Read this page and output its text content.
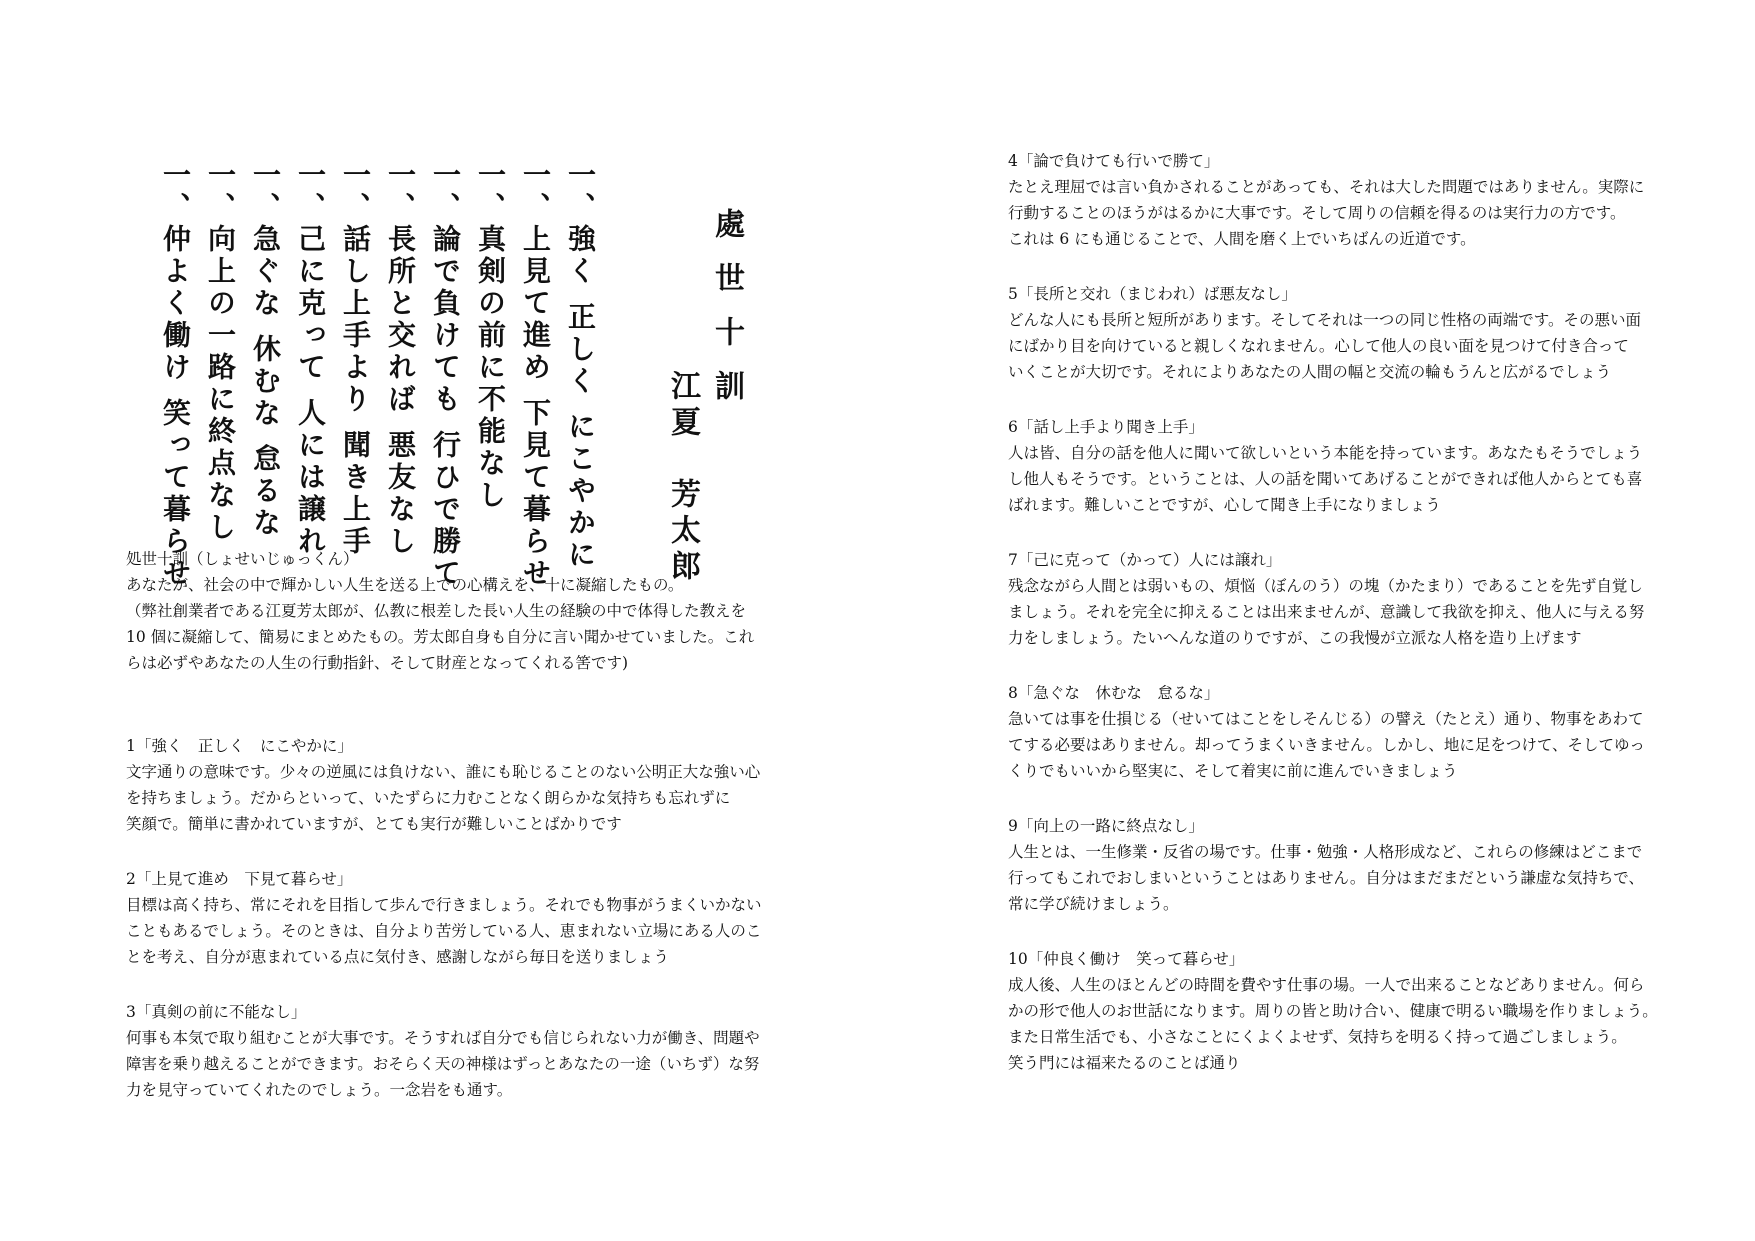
處世十訓
江夏　芳太郎
一、強く 正しく にこやかに
一、上見て進め 下見て暮らせ
一、真剣の前に不能なし
一、論で負けても 行ひで勝て
一、長所と交れば 悪友なし
一、話し上手より 聞き上手
一、己に克って 人には譲れ
一、急ぐな 休むな 怠るな
一、向上の一路に終点なし
一、仲よく働け 笑って暮らせ

処世十訓（しょせいじゅっくん）
あなたが、社会の中で輝かしい人生を送る上での心構えを、十に凝縮したもの。
（弊社創業者である江夏芳太郎が、仏教に根差した長い人生の経験の中で体得した教えを
10 個に凝縮して、簡易にまとめたもの。芳太郎自身も自分に言い聞かせていました。これ
らは必ずやあなたの人生の行動指針、そして財産となってくれる筈です)

1「強く　正しく　にこやかに」
文字通りの意味です。少々の逆風には負けない、誰にも恥じることのない公明正大な強い心
を持ちましょう。だからといって、いたずらに力むことなく朗らかな気持ちも忘れずに
笑顔で。簡単に書かれていますが、とても実行が難しいことばかりです

2「上見て進め　下見て暮らせ」
目標は高く持ち、常にそれを目指して歩んで行きましょう。それでも物事がうまくいかない
こともあるでしょう。そのときは、自分より苦労している人、恵まれない立場にある人のこ
とを考え、自分が恵まれている点に気付き、感謝しながら毎日を送りましょう

3「真剣の前に不能なし」
何事も本気で取り組むことが大事です。そうすれば自分でも信じられない力が働き、問題や
障害を乗り越えることができます。おそらく天の神様はずっとあなたの一途（いちず）な努
力を見守っていてくれたのでしょう。一念岩をも通す。

4「論で負けても行いで勝て」
たとえ理屈では言い負かされることがあっても、それは大した問題ではありません。実際に
行動することのほうがはるかに大事です。そして周りの信頼を得るのは実行力の方です。
これは 6 にも通じることで、人間を磨く上でいちばんの近道です。

5「長所と交れ（まじわれ）ば悪友なし」
どんな人にも長所と短所があります。そしてそれは一つの同じ性格の両端です。その悪い面
にばかり目を向けていると親しくなれません。心して他人の良い面を見つけて付き合って
いくことが大切です。それによりあなたの人間の幅と交流の輪もうんと広がるでしょう

6「話し上手より聞き上手」
人は皆、自分の話を他人に聞いて欲しいという本能を持っています。あなたもそうでしょう
し他人もそうです。ということは、人の話を聞いてあげることができれば他人からとても喜
ばれます。難しいことですが、心して聞き上手になりましょう

7「己に克って（かって）人には譲れ」
残念ながら人間とは弱いもの、煩悩（ぼんのう）の塊（かたまり）であることを先ず自覚し
ましょう。それを完全に抑えることは出来ませんが、意識して我欲を抑え、他人に与える努
力をしましょう。たいへんな道のりですが、この我慢が立派な人格を造り上げます

8「急ぐな　休むな　怠るな」
急いては事を仕損じる（せいてはことをしそんじる）の譬え（たとえ）通り、物事をあわて
てする必要はありません。却ってうまくいきません。しかし、地に足をつけて、そしてゆっ
くりでもいいから堅実に、そして着実に前に進んでいきましょう

9「向上の一路に終点なし」
人生とは、一生修業・反省の場です。仕事・勉強・人格形成など、これらの修練はどこまで
行ってもこれでおしまいということはありません。自分はまだまだという謙虚な気持ちで、
常に学び続けましょう。

10「仲良く働け　笑って暮らせ」
成人後、人生のほとんどの時間を費やす仕事の場。一人で出来ることなどありません。何ら
かの形で他人のお世話になります。周りの皆と助け合い、健康で明るい職場を作りましょう。
また日常生活でも、小さなことにくよくよせず、気持ちを明るく持って過ごしましょう。
笑う門には福来たるのことば通り
